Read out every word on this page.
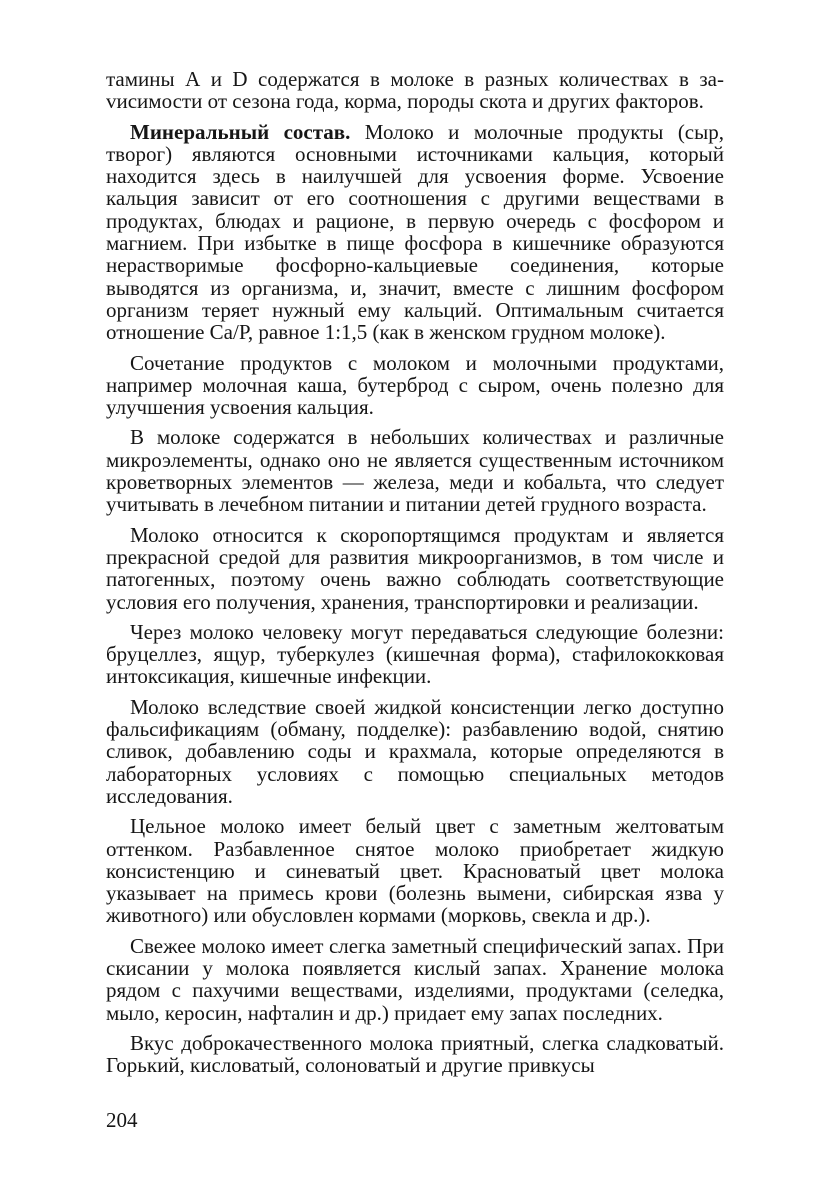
тамины А и D содержатся в молоке в разных количествах в заvисимости от сезона года, корма, породы скота и других факторов.

Минеральный состав. Молоко и молочные продукты (сыр, творог) являются основными источниками кальция, который находится здесь в наилучшей для усвоения форме. Усвоение кальция зависит от его соотношения с другими веществами в продуктах, блюдах и рационе, в первую очередь с фосфором и магнием. При избытке в пище фосфора в кишечнике образуются нерастворимые фосфорно-кальциевые соединения, которые выводятся из организма, и, значит, вместе с лишним фосфором организм теряет нужный ему кальций. Оптимальным считается отношение Са/Р, равное 1:1,5 (как в женском грудном молоке).

Сочетание продуктов с молоком и молочными продуктами, например молочная каша, бутерброд с сыром, очень полезно для улучшения усвоения кальция.

В молоке содержатся в небольших количествах и различные микроэлементы, однако оно не является существенным источником кроветворных элементов — железа, меди и кобальта, что следует учитывать в лечебном питании и питании детей грудного возраста.

Молоко относится к скоропортящимся продуктам и является прекрасной средой для развития микроорганизмов, в том числе и патогенных, поэтому очень важно соблюдать соответствующие условия его получения, хранения, транспортировки и реализации.

Через молоко человеку могут передаваться следующие болезни: бруцеллез, ящур, туберкулез (кишечная форма), стафилококковая интоксикация, кишечные инфекции.

Молоко вследствие своей жидкой консистенции легко доступно фальсификациям (обману, подделке): разбавлению водой, снятию сливок, добавлению соды и крахмала, которые определяются в лабораторных условиях с помощью специальных методов исследования.

Цельное молоко имеет белый цвет с заметным желтоватым оттенком. Разбавленное снятое молоко приобретает жидкую консистенцию и синеватый цвет. Красноватый цвет молока указывает на примесь крови (болезнь вымени, сибирская язва у животного) или обусловлен кормами (морковь, свекла и др.).

Свежее молоко имеет слегка заметный специфический запах. При скисании у молока появляется кислый запах. Хранение молока рядом с пахучими веществами, изделиями, продуктами (селедка, мыло, керосин, нафталин и др.) придает ему запах последних.

Вкус доброкачественного молока приятный, слегка сладковатый. Горький, кисловатый, солоноватый и другие привкусы

204
